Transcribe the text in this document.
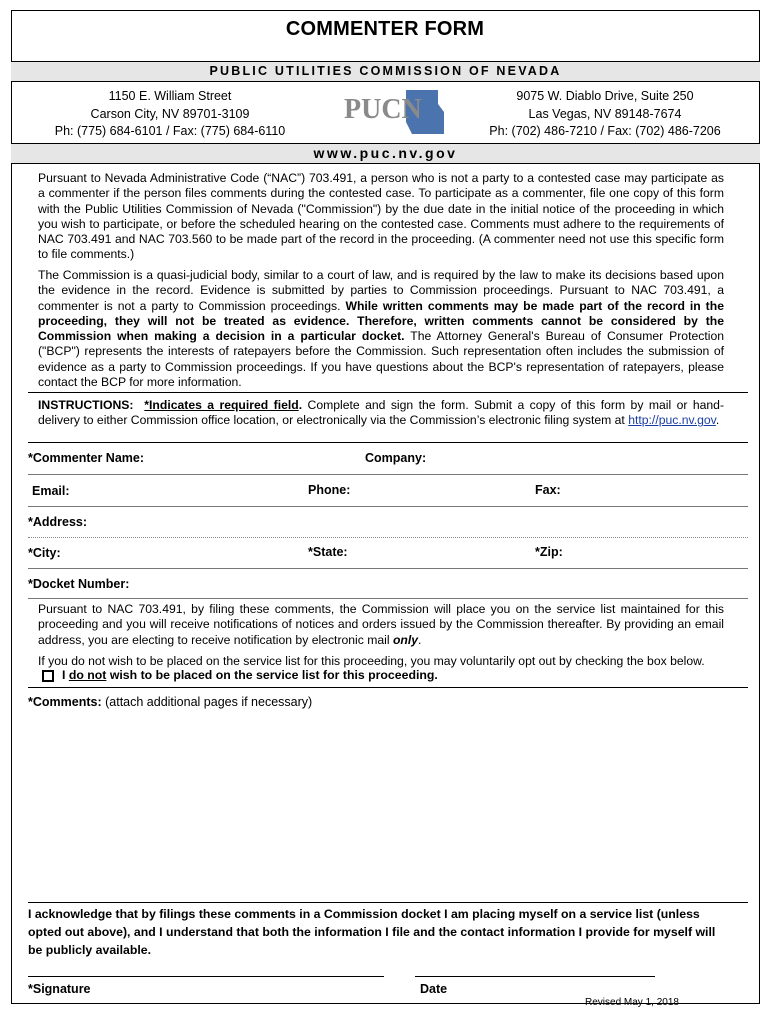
COMMENTER FORM
PUBLIC UTILITIES COMMISSION OF NEVADA
1150 E. William Street
Carson City, NV 89701-3109
Ph: (775) 684-6101 / Fax: (775) 684-6110
PUCN	9075 W. Diablo Drive, Suite 250
Las Vegas, NV 89148-7674
Ph: (702) 486-7210 / Fax: (702) 486-7206
www.puc.nv.gov

Pursuant to Nevada Administrative Code (“NAC”) 703.491, a person who is not a party to a contested case may participate as a commenter if the person files comments during the contested case. To participate as a commenter, file one copy of this form with the Public Utilities Commission of Nevada ("Commission") by the due date in the initial notice of the proceeding in which you wish to participate, or before the scheduled hearing on the contested case. Comments must adhere to the requirements of NAC 703.491 and NAC 703.560 to be made part of the record in the proceeding. (A commenter need not use this specific form to file comments.)

The Commission is a quasi-judicial body, similar to a court of law, and is required by the law to make its decisions based upon the evidence in the record. Evidence is submitted by parties to Commission proceedings. Pursuant to NAC 703.491, a commenter is not a party to Commission proceedings. While written comments may be made part of the record in the proceeding, they will not be treated as evidence. Therefore, written comments cannot be considered by the Commission when making a decision in a particular docket. The Attorney General's Bureau of Consumer Protection ("BCP") represents the interests of ratepayers before the Commission. Such representation often includes the submission of evidence as a party to Commission proceedings. If you have questions about the BCP's representation of ratepayers, please contact the BCP for more information.

INSTRUCTIONS: *Indicates a required field. Complete and sign the form. Submit a copy of this form by mail or hand-delivery to either Commission office location, or electronically via the Commission’s electronic filing system at http://puc.nv.gov.

*Commenter Name:	Company:
Email:	Phone:	Fax:
*Address:
*City:	*State:	*Zip:
*Docket Number:

Pursuant to NAC 703.491, by filing these comments, the Commission will place you on the service list maintained for this proceeding and you will receive notifications of notices and orders issued by the Commission thereafter. By providing an email address, you are electing to receive notification by electronic mail only.

If you do not wish to be placed on the service list for this proceeding, you may voluntarily opt out by checking the box below.

I do not wish to be placed on the service list for this proceeding.
*Comments: (attach additional pages if necessary)

I acknowledge that by filings these comments in a Commission docket I am placing myself on a service list (unless opted out above), and I understand that both the information I file and the contact information I provide for myself will be publicly available.

*Signature	Date
Revised May 1, 2018
